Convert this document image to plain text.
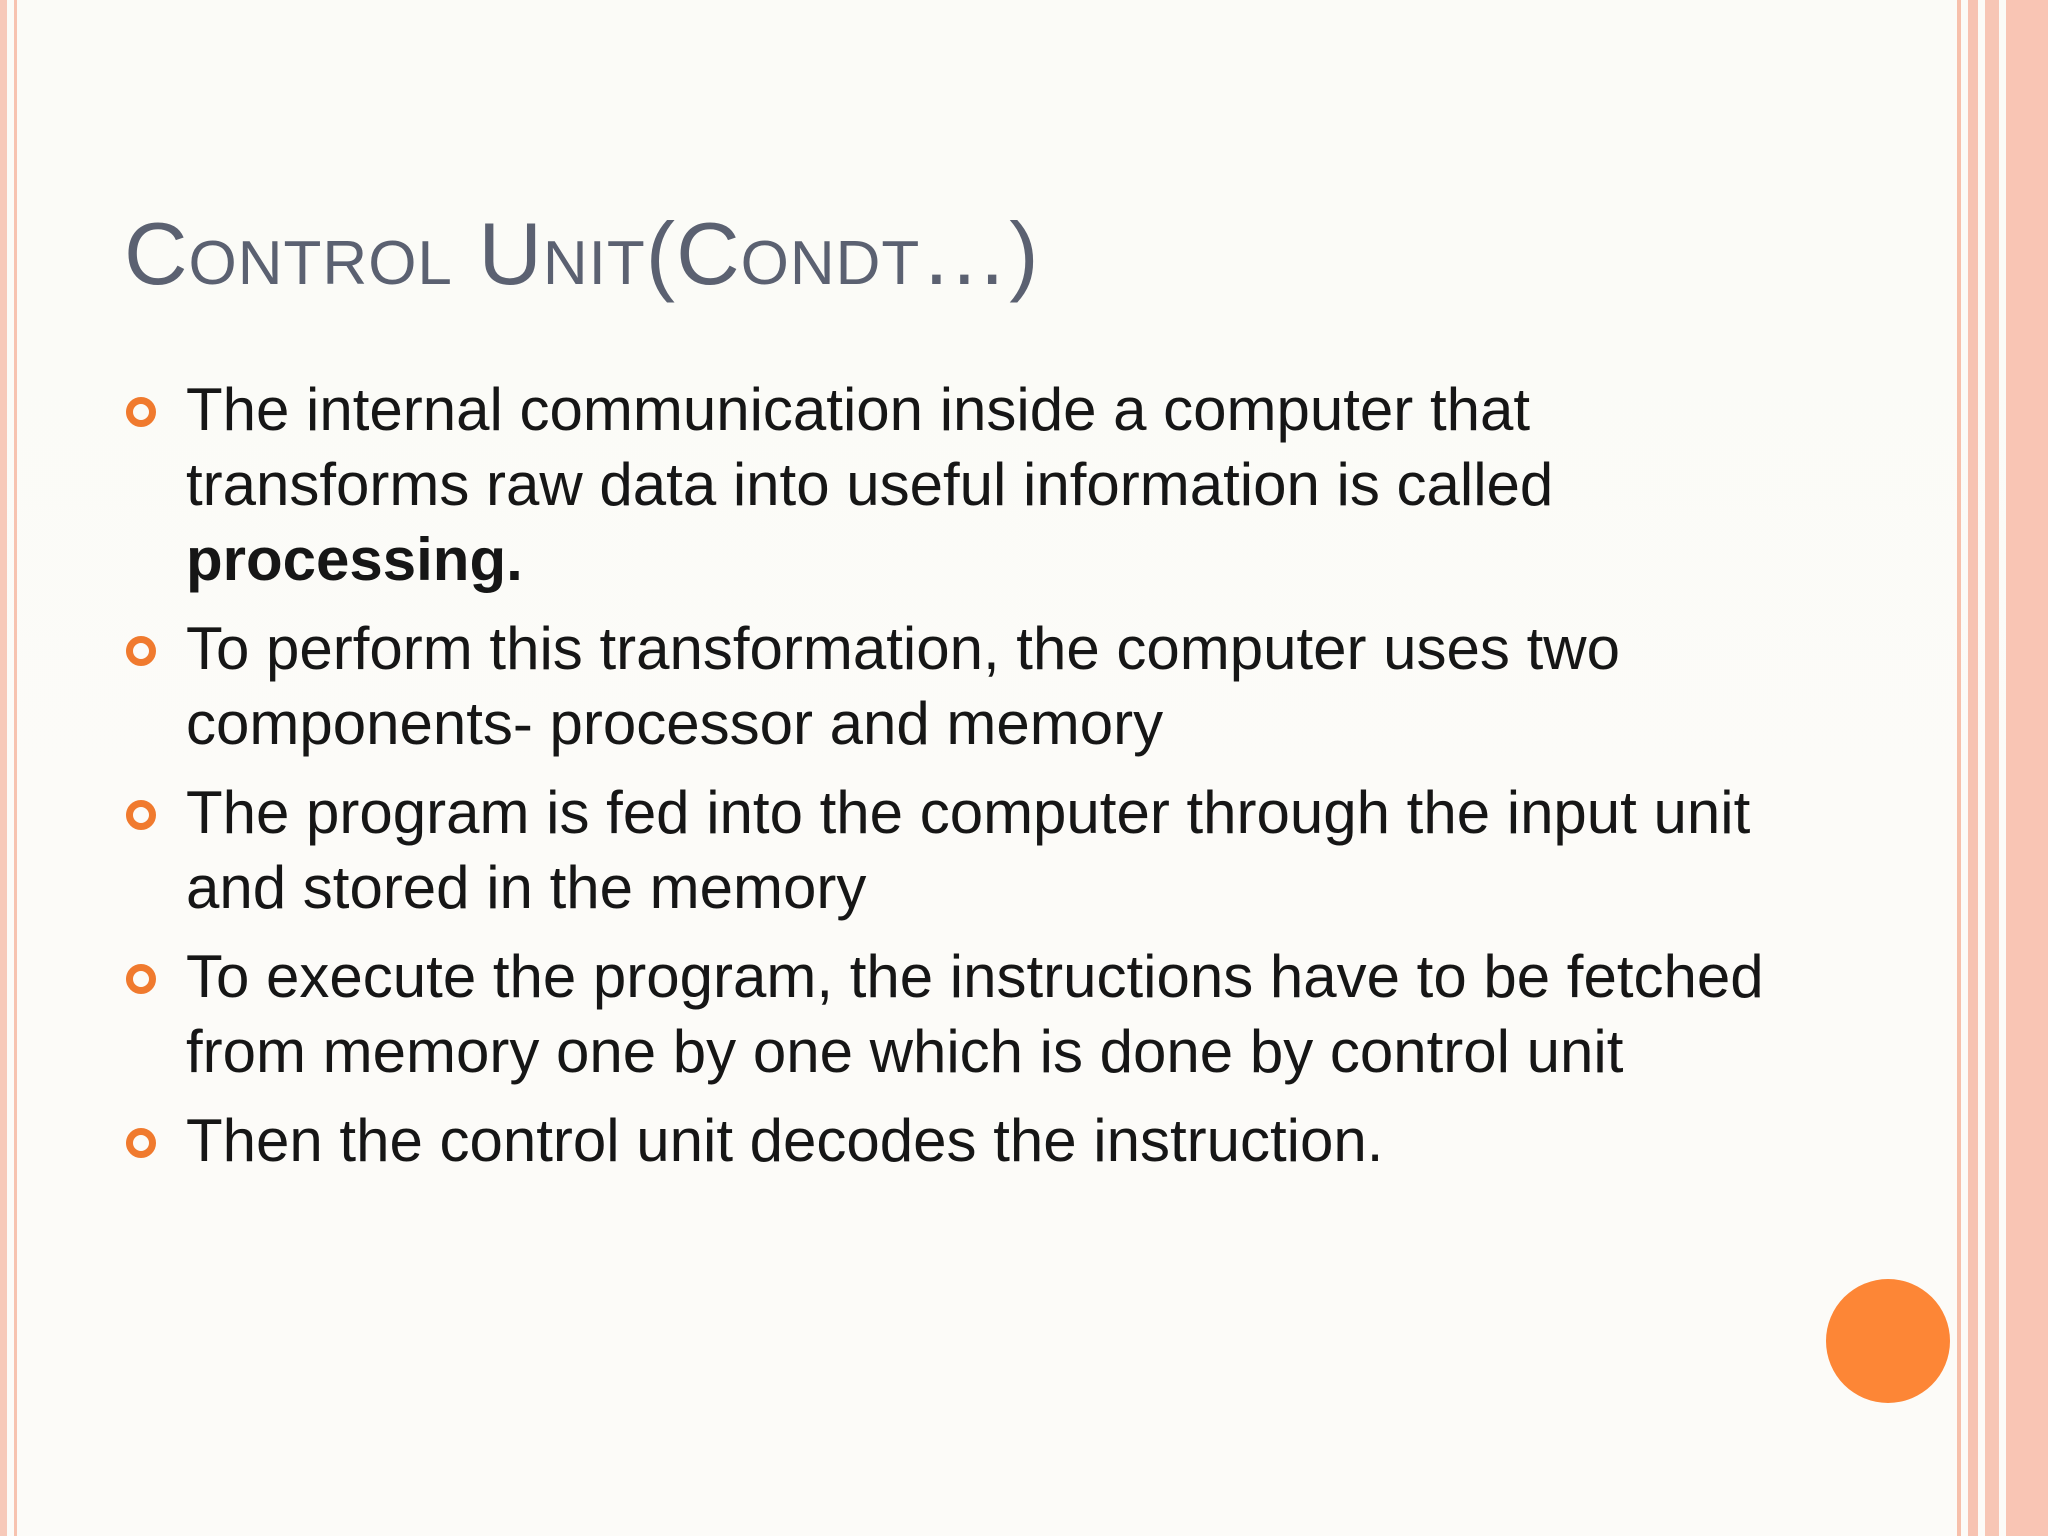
Control Unit(Condt…)
The internal communication inside a computer that transforms raw data into useful information is called processing.
To perform this transformation, the computer uses two components- processor and memory
The program is fed into the computer through the input unit and stored in the memory
To execute the program, the instructions have to be fetched from memory one by one which is done by control unit
Then the control unit decodes the instruction.
